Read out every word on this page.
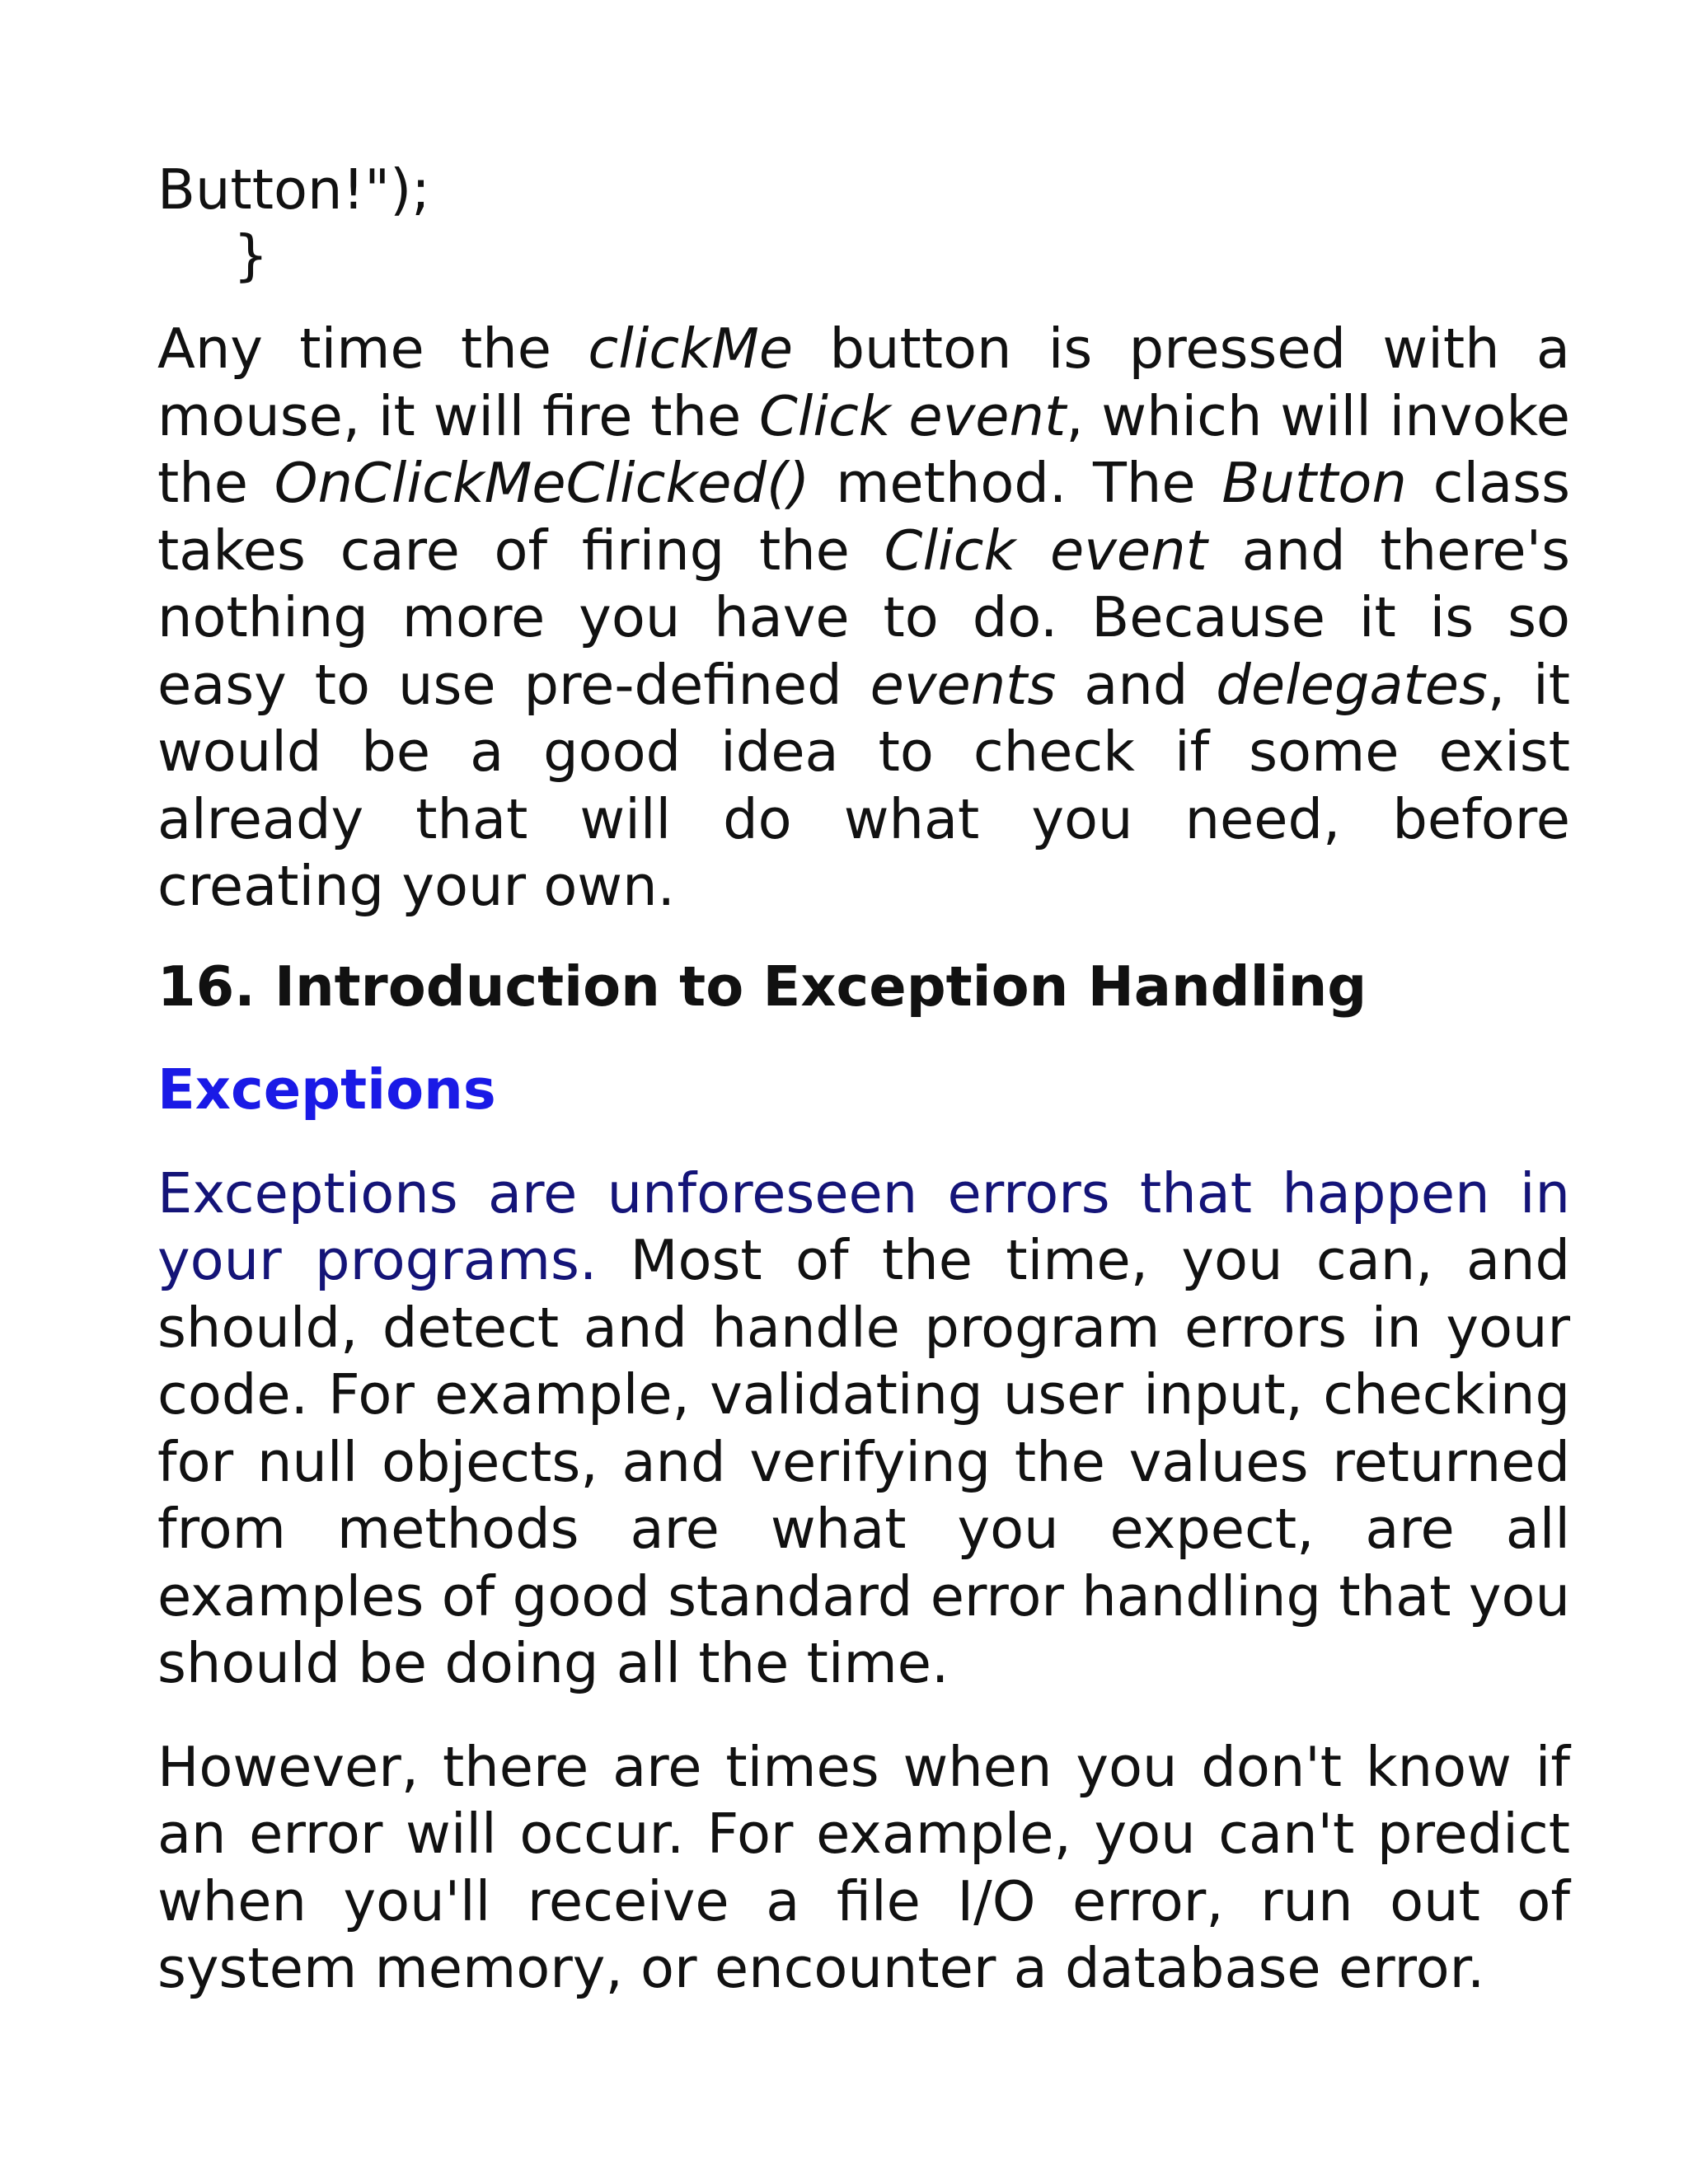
Button!");

}

Any time the clickMe button is pressed with a mouse, it will fire the Click event, which will invoke the OnClickMeClicked() method. The Button class takes care of firing the Click event and there's nothing more you have to do. Because it is so easy to use pre-defined events and delegates, it would be a good idea to check if some exist already that will do what you need, before creating your own.

16. Introduction to Exception Handling
Exceptions

Exceptions are unforeseen errors that happen in your programs. Most of the time, you can, and should, detect and handle program errors in your code. For example, validating user input, checking for null objects, and verifying the values returned from methods are what you expect, are all examples of good standard error handling that you should be doing all the time.

However, there are times when you don't know if an error will occur. For example, you can't predict when you'll receive a file I/O error, run out of system memory, or encounter a database error.
